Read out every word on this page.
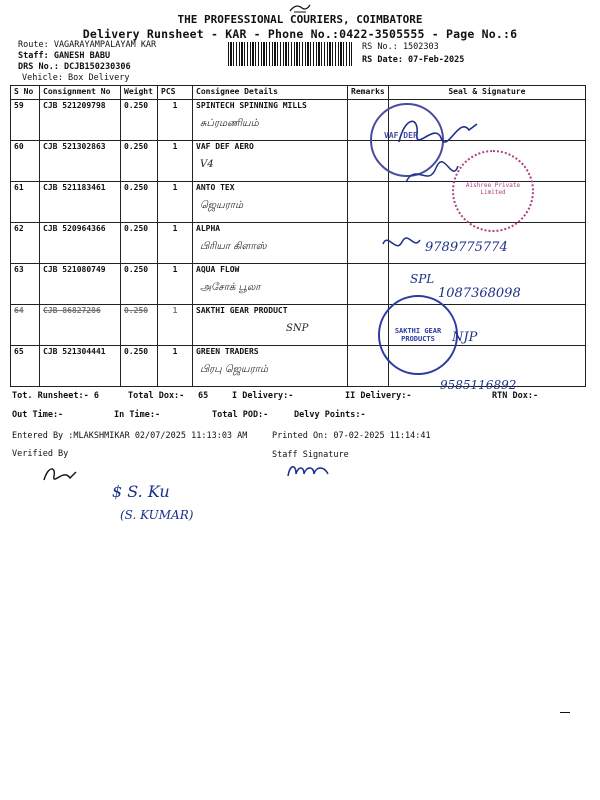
THE PROFESSIONAL COURIERS, COIMBATORE
Delivery Runsheet - KAR - Phone No.:0422-3505555 - Page No.:6
Route: VAGARAYAMPALAYAM KAR
Staff: GANESH BABU
DRS No.: DCJB150230306
Vehicle: Box Delivery
RS No.: 1502303
RS Date: 07-Feb-2025
S No	Consignment No	Weight	PCS	Consignee Details	Remarks	Seal & Signature
59	CJB 521209798	0.250	1	SPINTECH SPINNING MILLS
சுப்ரமணியம்		

60	CJB 521302863	0.250	1	VAF DEF AERO
V4		

61	CJB 521183461	0.250	1	ANTO TEX
ஜெயராம்		

62	CJB 520964366	0.250	1	ALPHA
பிரியா கிளாஸ்		

63	CJB 521080749	0.250	1	AQUA FLOW
அசோக் பூலா		

64	CJB 86827286	0.250	1	SAKTHI GEAR PRODUCT
SNP		

65	CJB 521304441	0.250	1	GREEN TRADERS
பிரபு ஜெயராம்		

VAF DEF
Aishree Private Limited
SAKTHI GEAR PRODUCTS
9789775774
SPL
1087368098
NJP
9585116892
Tot. Runsheet:- 6	Total Dox:- 65	I Delivery:-	II Delivery:-	RTN Dox:-
Out Time:-	In Time:-	Total POD:-	Delvy Points:-
Entered By :MLAKSHMIKAR 02/07/2025 11:13:03 AM	Printed On: 07-02-2025 11:14:41
Verified By	Staff Signature
$ S. Ku
(S. KUMAR)
